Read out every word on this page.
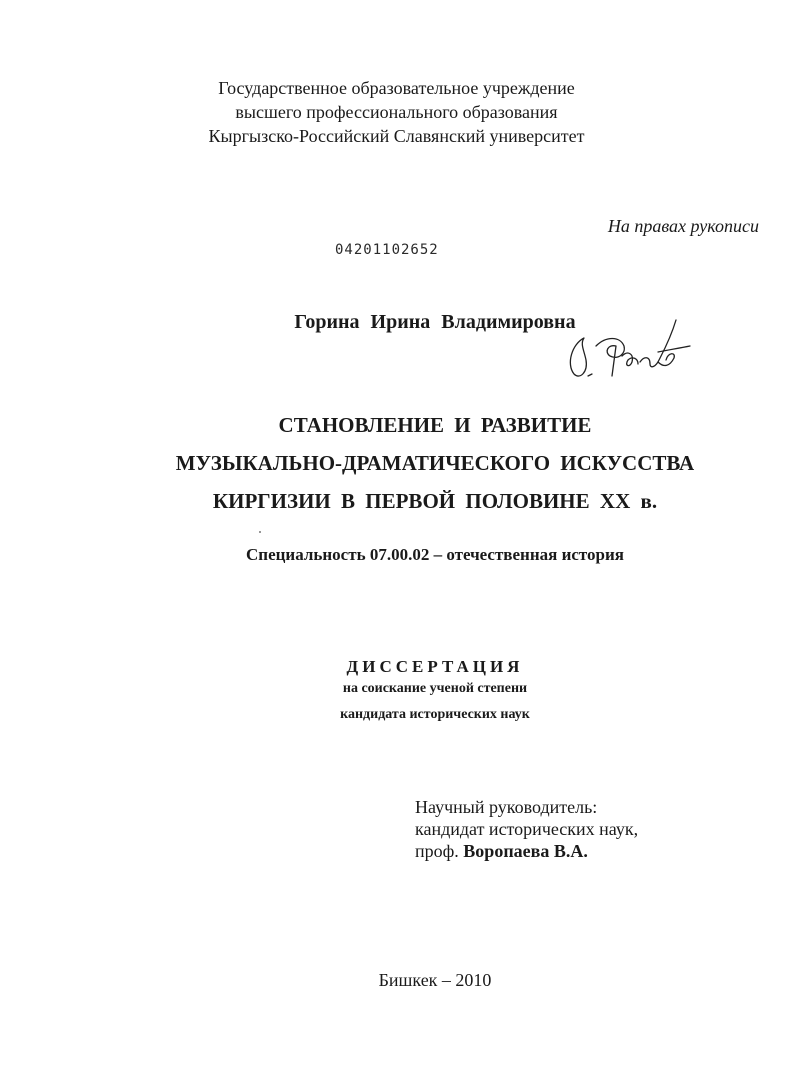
Государственное образовательное учреждение
высшего профессионального образования
Кыргызско-Российский Славянский университет
На правах рукописи
04201102652
Горина Ирина Владимировна
СТАНОВЛЕНИЕ И РАЗВИТИЕ
МУЗЫКАЛЬНО-ДРАМАТИЧЕСКОГО ИСКУССТВА
КИРГИЗИИ В ПЕРВОЙ ПОЛОВИНЕ XX в.
Специальность 07.00.02 – отечественная история
ДИССЕРТАЦИЯ
на соискание ученой степени
кандидата исторических наук
Научный руководитель:
кандидат исторических наук,
проф. Воропаева В.А.
Бишкек – 2010
